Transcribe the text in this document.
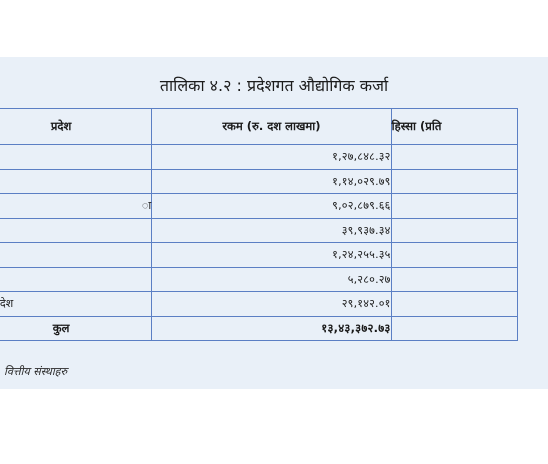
तालिका ४.२ : प्रदेशगत औद्योगिक कर्जा
प्रदेश	रकम (रु. दश लाखमा)	हिस्सा (प्रति
	१,२७,८४८.३२	
	१,१४,०२९.७९	
ा	९,०२,८७९.६६	
	३९,९३७.३४	
	१,२४,२५५.३५	
	५,२८०.२७	
देश	२९,१४२.०१	
कुल	१३,४३,३७२.७३	
वित्तीय संस्थाहरु
